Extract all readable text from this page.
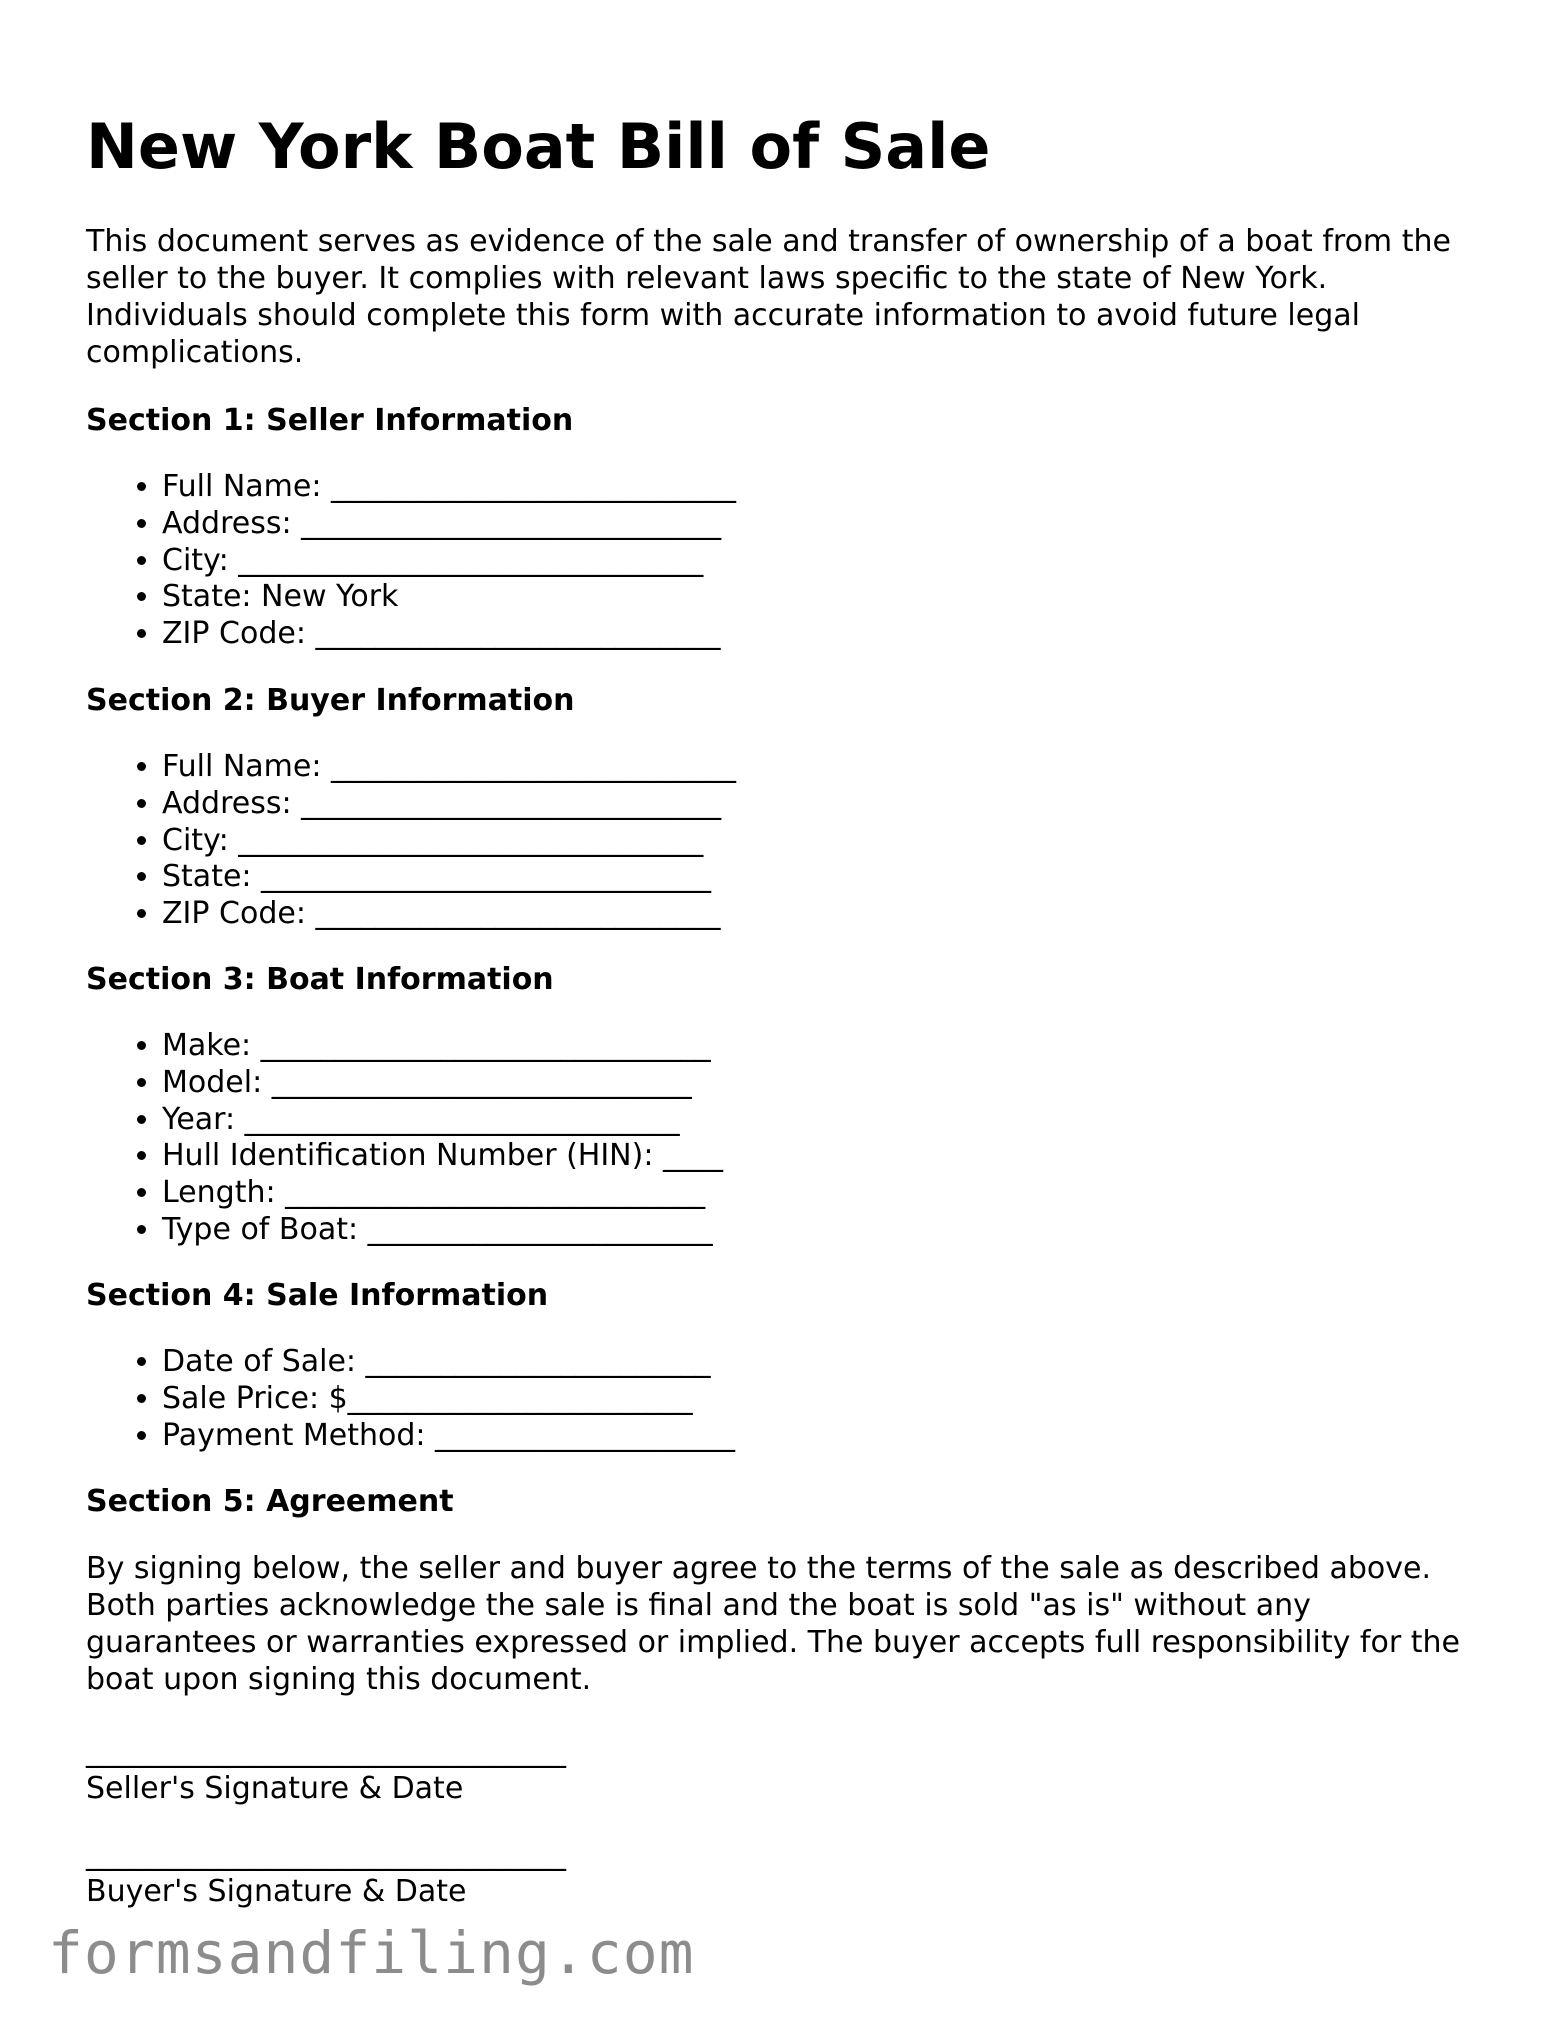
New York Boat Bill of Sale

This document serves as evidence of the sale and transfer of ownership of a boat from the seller to the buyer. It complies with relevant laws specific to the state of New York. Individuals should complete this form with accurate information to avoid future legal complications.

Section 1: Seller Information
• Full Name: ___________________________
• Address: ____________________________
• City: _______________________________
• State: New York
• ZIP Code: ___________________________
Section 2: Buyer Information
• Full Name: ___________________________
• Address: ____________________________
• City: _______________________________
• State: ______________________________
• ZIP Code: ___________________________
Section 3: Boat Information
• Make: ______________________________
• Model: ____________________________
• Year: _____________________________
• Hull Identification Number (HIN): ____
• Length: ____________________________
• Type of Boat: _______________________
Section 4: Sale Information
• Date of Sale: _______________________
• Sale Price: $_______________________
• Payment Method: ____________________
Section 5: Agreement

By signing below, the seller and buyer agree to the terms of the sale as described above. Both parties acknowledge the sale is final and the boat is sold "as is" without any guarantees or warranties expressed or implied. The buyer accepts full responsibility for the boat upon signing this document.

________________________________
Seller's Signature & Date
________________________________
Buyer's Signature & Date
formsandfiling.com
